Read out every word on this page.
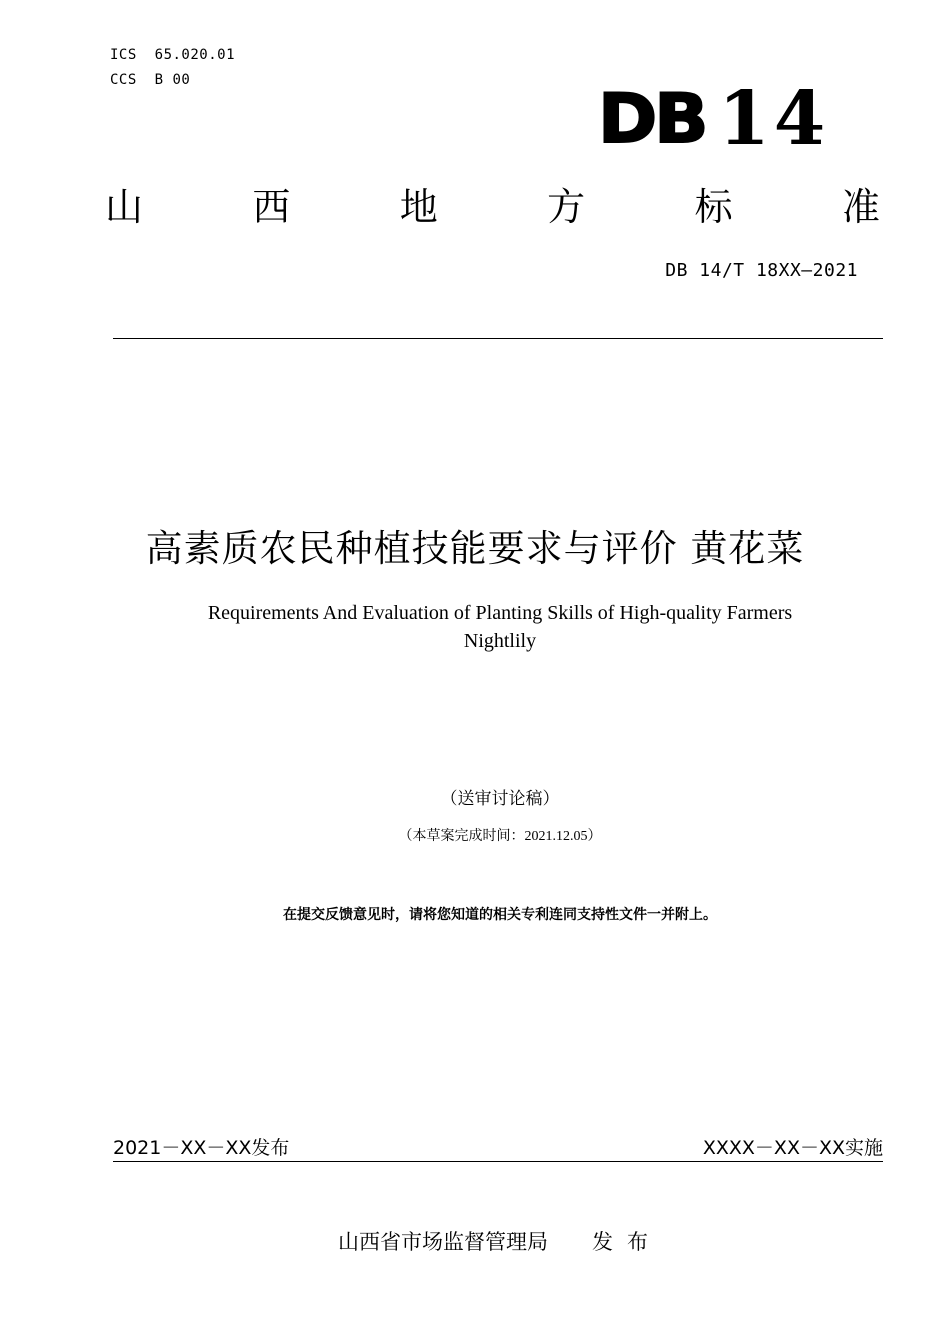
ICS  65.020.01
CCS  B 00	DB 14
山	西	地	方	标	准
DB 14/T 18XX—2021
高素质农民种植技能要求与评价 黄花菜
Requirements And Evaluation of Planting Skills of High-quality Farmers
Nightlily
（送审讨论稿）
（本草案完成时间：2021.12.05）
在提交反馈意见时，请将您知道的相关专利连同支持性文件一并附上。
2021－XX－XX发布	XXXX－XX－XX实施
山西省市场监督管理局 发布
